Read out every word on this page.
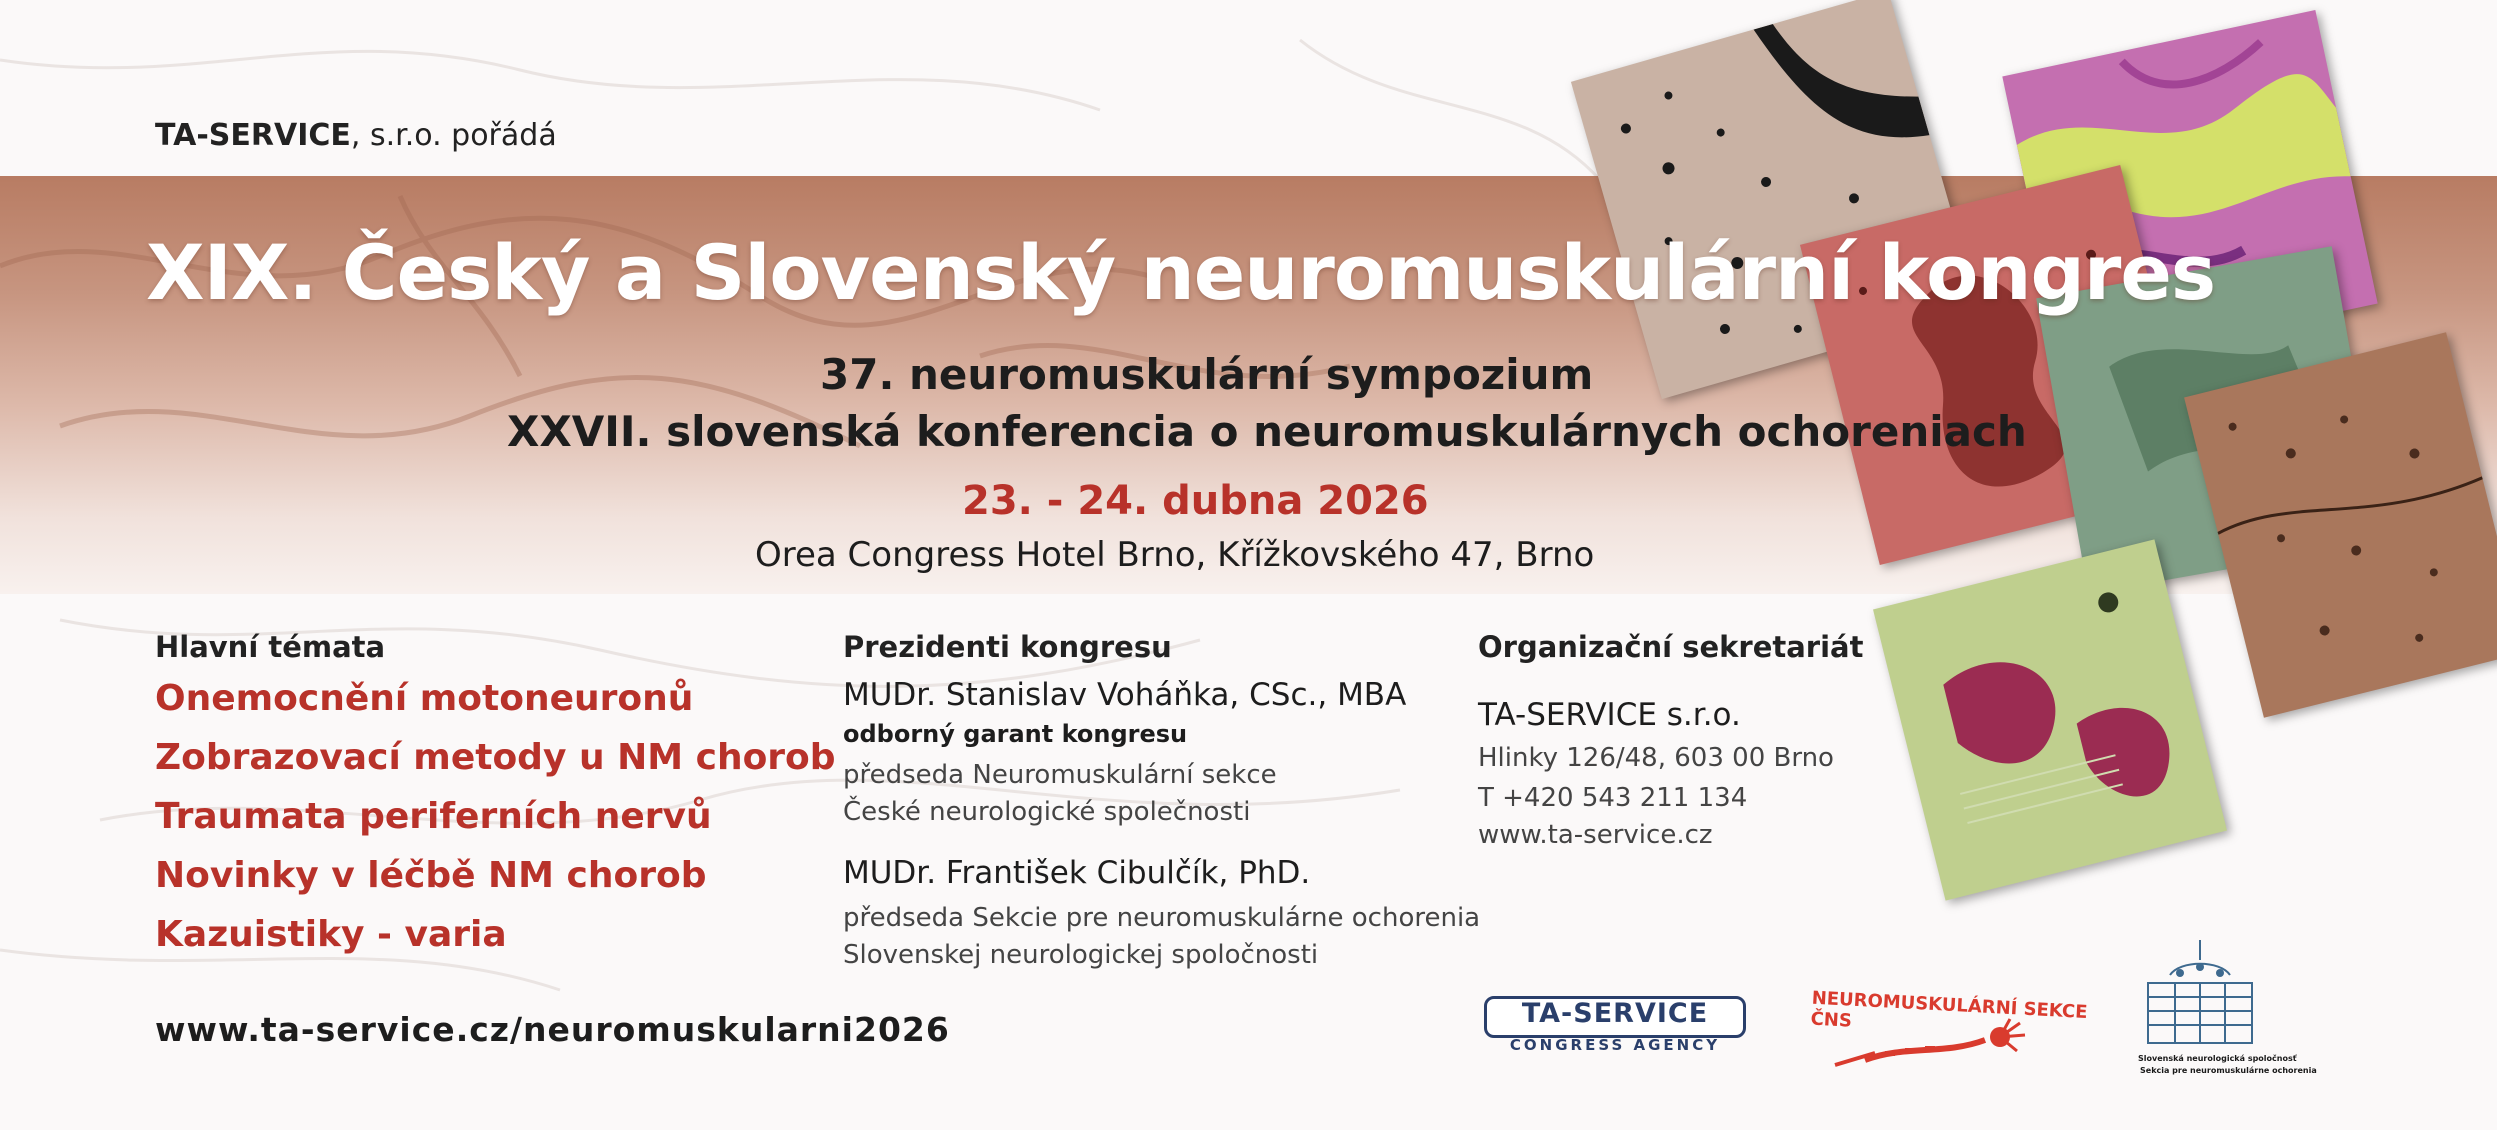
TA-SERVICE, s.r.o. pořádá
XIX. Český a Slovenský neuromuskulární kongres
37. neuromuskulární sympozium
XXVII. slovenská konferencia o neuromuskulárnych ochoreniach
23. - 24. dubna 2026
Orea Congress Hotel Brno, Křížkovského 47, Brno
Hlavní témata
Onemocnění motoneuronů
Zobrazovací metody u NM chorob
Traumata periferních nervů
Novinky v léčbě NM chorob
Kazuistiky - varia
Prezidenti kongresu
MUDr. Stanislav Voháňka, CSc., MBA
odborný garant kongresu
předseda Neuromuskulární sekce
České neurologické společnosti
MUDr. František Cibulčík, PhD.
předseda Sekcie pre neuromuskulárne ochorenia
Slovenskej neurologickej spoločnosti
Organizační sekretariát
TA-SERVICE s.r.o.
Hlinky 126/48, 603 00 Brno
T +420 543 211 134
www.ta-service.cz
www.ta-service.cz/neuromuskularni2026	TA-SERVICE
CONGRESS AGENCY
NEUROMUSKULÁRNÍ SEKCE ČNS
Slovenská neurologická spoločnosť
Sekcia pre neuromuskulárne ochorenia
